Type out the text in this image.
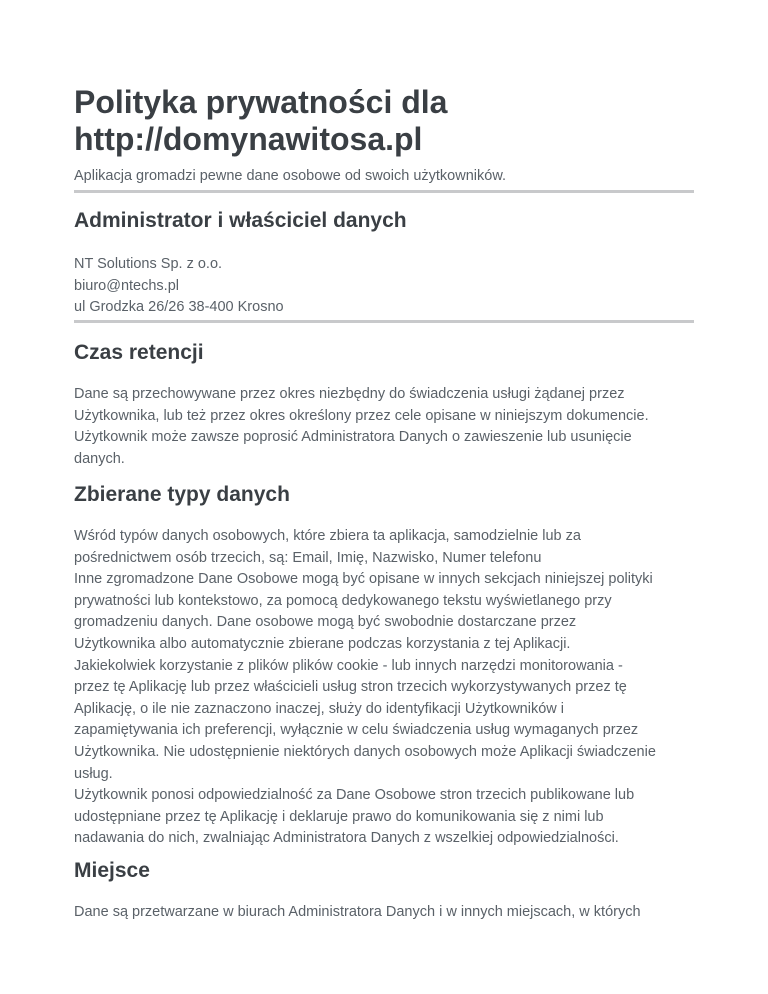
Polityka prywatności dla
http://domynawitosa.pl
Aplikacja gromadzi pewne dane osobowe od swoich użytkowników.
Administrator i właściciel danych
NT Solutions Sp. z o.o.
biuro@ntechs.pl
ul Grodzka 26/26 38-400 Krosno
Czas retencji
Dane są przechowywane przez okres niezbędny do świadczenia usługi żądanej przez
Użytkownika, lub też przez okres określony przez cele opisane w niniejszym dokumencie.
Użytkownik może zawsze poprosić Administratora Danych o zawieszenie lub usunięcie
danych.
Zbierane typy danych
Wśród typów danych osobowych, które zbiera ta aplikacja, samodzielnie lub za
pośrednictwem osób trzecich, są: Email, Imię, Nazwisko, Numer telefonu
Inne zgromadzone Dane Osobowe mogą być opisane w innych sekcjach niniejszej polityki
prywatności lub kontekstowo, za pomocą dedykowanego tekstu wyświetlanego przy
gromadzeniu danych. Dane osobowe mogą być swobodnie dostarczane przez
Użytkownika albo automatycznie zbierane podczas korzystania z tej Aplikacji.
Jakiekolwiek korzystanie z plików plików cookie - lub innych narzędzi monitorowania -
przez tę Aplikację lub przez właścicieli usług stron trzecich wykorzystywanych przez tę
Aplikację, o ile nie zaznaczono inaczej, służy do identyfikacji Użytkowników i
zapamiętywania ich preferencji, wyłącznie w celu świadczenia usług wymaganych przez
Użytkownika. Nie udostępnienie niektórych danych osobowych może Aplikacji świadczenie
usług.
Użytkownik ponosi odpowiedzialność za Dane Osobowe stron trzecich publikowane lub
udostępniane przez tę Aplikację i deklaruje prawo do komunikowania się z nimi lub
nadawania do nich, zwalniając Administratora Danych z wszelkiej odpowiedzialności.
Miejsce
Dane są przetwarzane w biurach Administratora Danych i w innych miejscach, w których
